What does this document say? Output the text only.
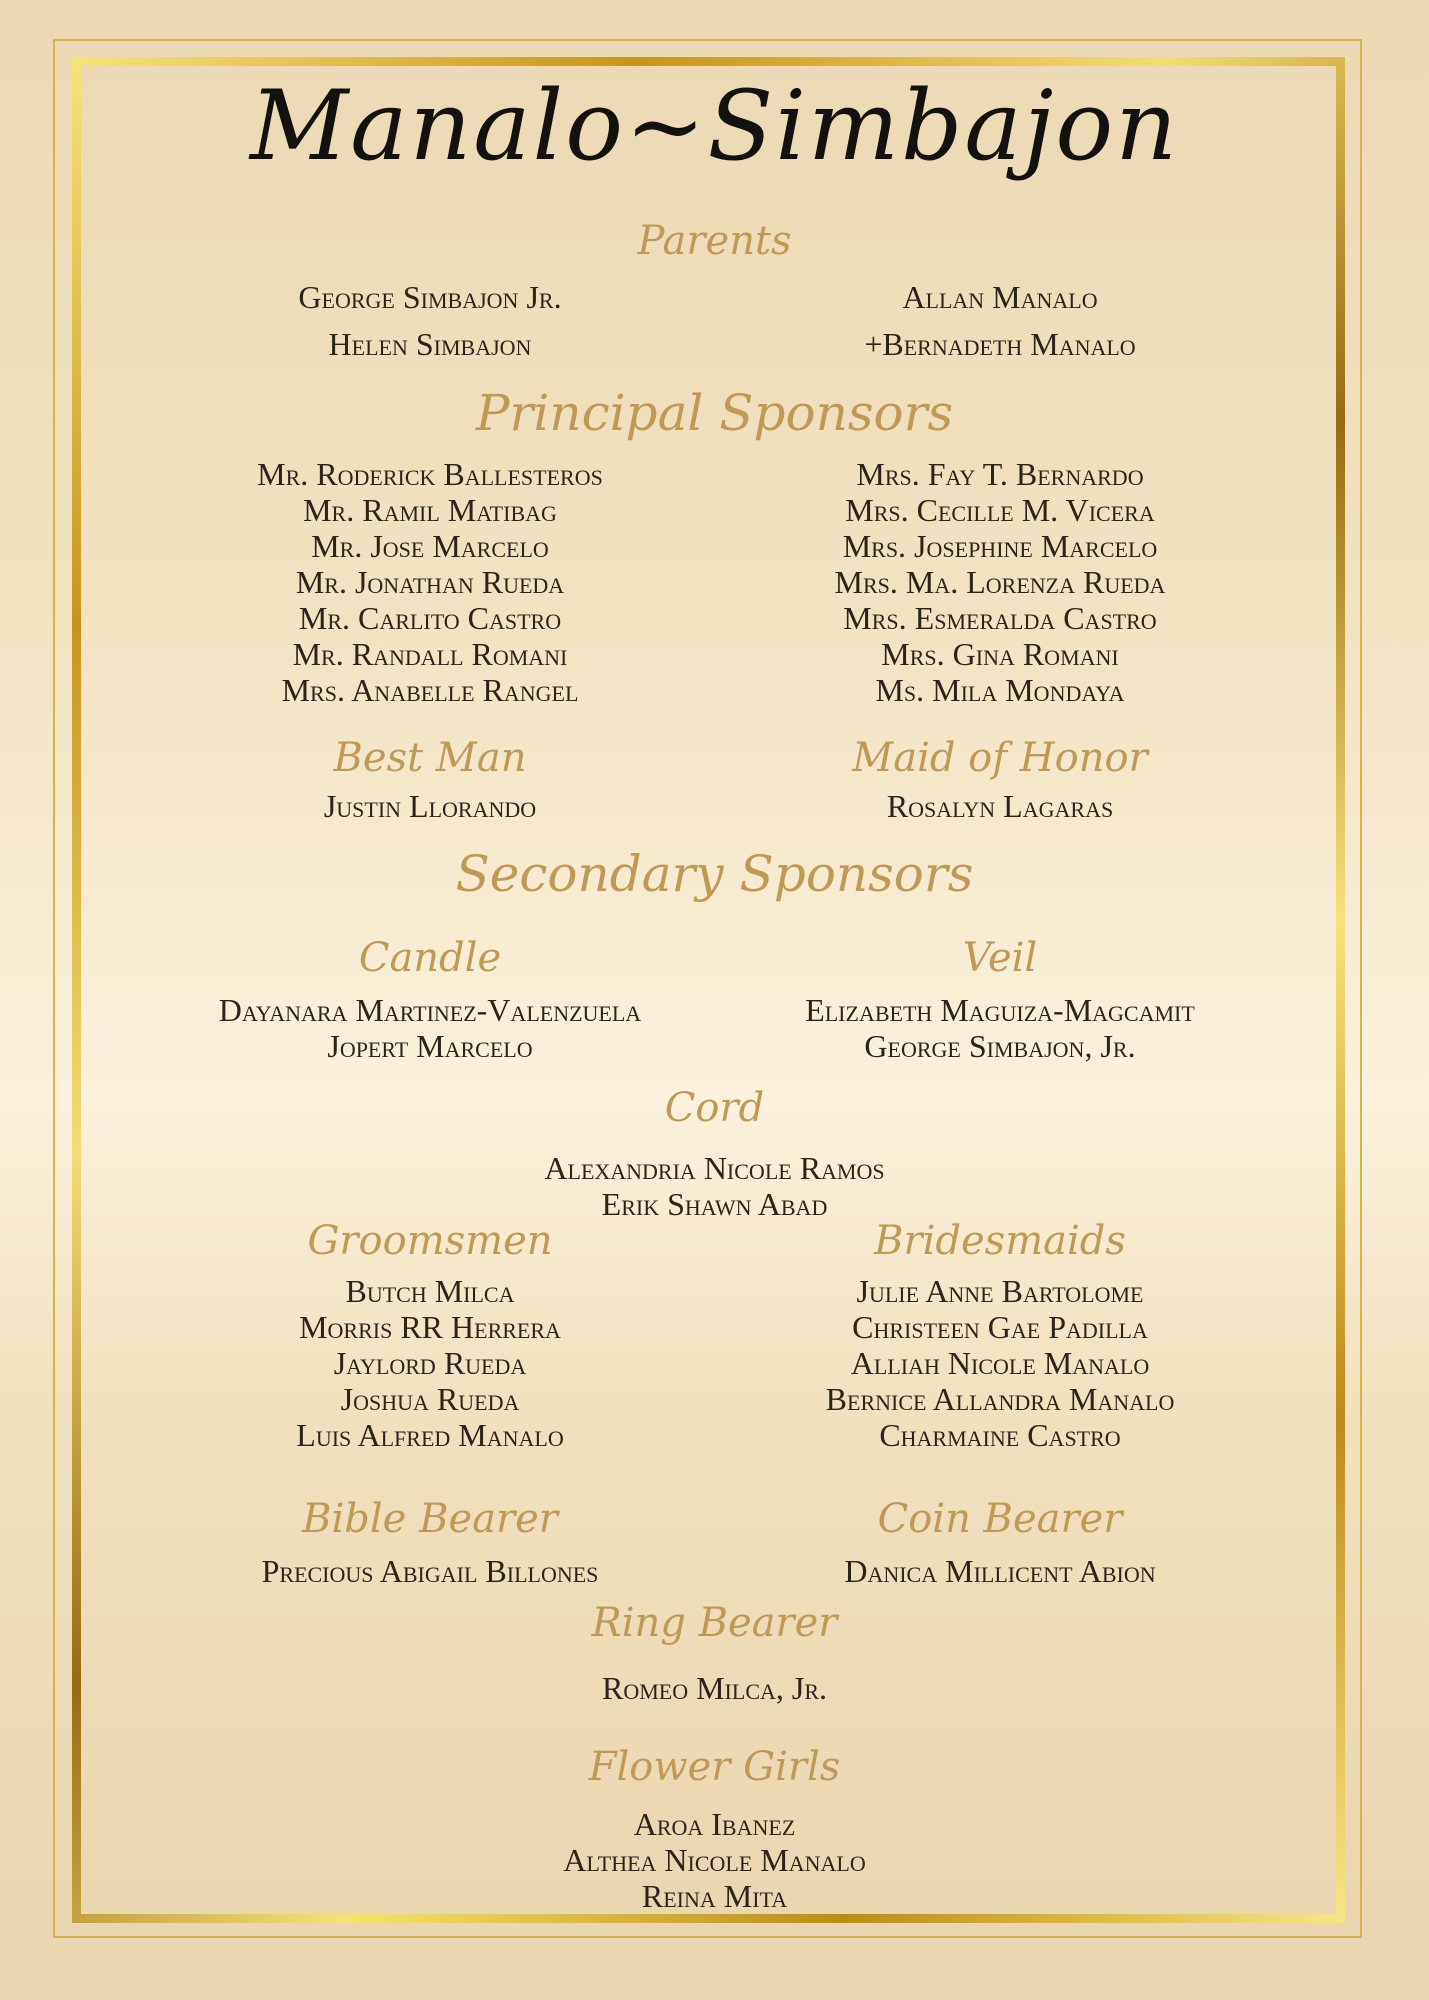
Manalo~Simbajon
Parents
George Simbajon Jr.
Helen Simbajon
Allan Manalo
+Bernadeth Manalo
Principal Sponsors
Mr. Roderick Ballesteros
Mr. Ramil Matibag
Mr. Jose Marcelo
Mr. Jonathan Rueda
Mr. Carlito Castro
Mr. Randall Romani
Mrs. Anabelle Rangel
Mrs. Fay T. Bernardo
Mrs. Cecille M. Vicera
Mrs. Josephine Marcelo
Mrs. Ma. Lorenza Rueda
Mrs. Esmeralda Castro
Mrs. Gina Romani
Ms. Mila Mondaya
Best Man
Justin Llorando
Maid of Honor
Rosalyn Lagaras
Secondary Sponsors
Candle
Dayanara Martinez-Valenzuela
Jopert Marcelo
Veil
Elizabeth Maguiza-Magcamit
George Simbajon, Jr.
Cord
Alexandria Nicole Ramos
Erik Shawn Abad
Groomsmen
Butch Milca
Morris RR Herrera
Jaylord Rueda
Joshua Rueda
Luis Alfred Manalo
Bridesmaids
Julie Anne Bartolome
Christeen Gae Padilla
Alliah Nicole Manalo
Bernice Allandra Manalo
Charmaine Castro
Bible Bearer
Precious Abigail Billones
Coin Bearer
Danica Millicent Abion
Ring Bearer
Romeo Milca, Jr.
Flower Girls
Aroa Ibanez
Althea Nicole Manalo
Reina Mita
